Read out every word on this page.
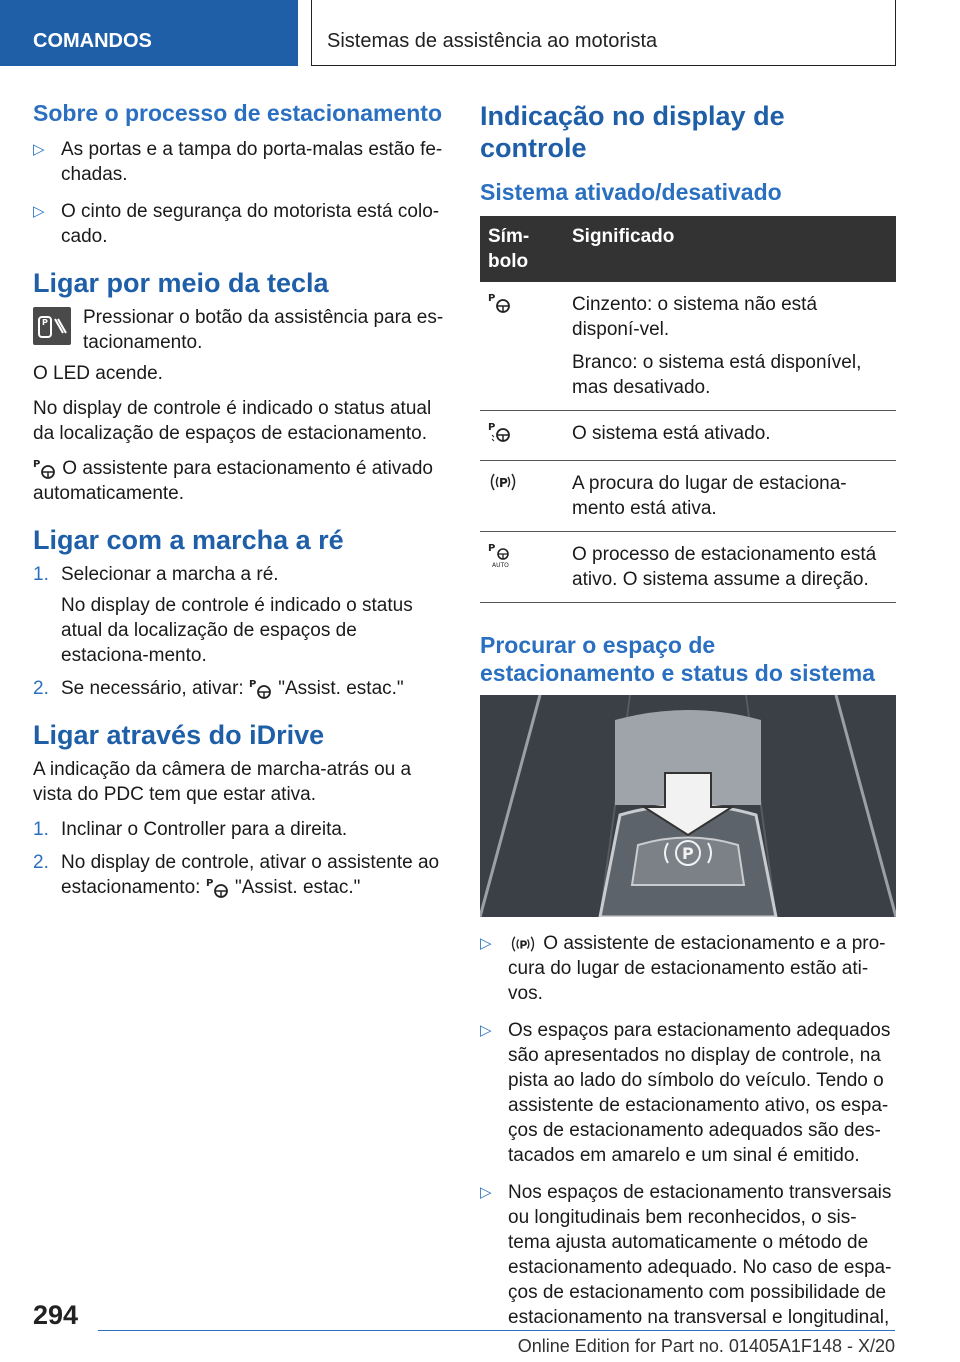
COMANDOS	Sistemas de assistência ao motorista
Sobre o processo de estacionamento
▷ As portas e a tampa do porta-malas estão fe-chadas.
▷ O cinto de segurança do motorista está colo-cado.
Ligar por meio da tecla
P	Pressionar o botão da assistência para es-tacionamento.

O LED acende.

No display de controle é indicado o status atual da localização de espaços de estacionamento.

P O assistente para estacionamento é ativado automaticamente.

Ligar com a marcha a ré
1. Selecionar a marcha a ré.
No display de controle é indicado o status atual da localização de espaços de estaciona-mento.
2. Se necessário, ativar: P "Assist. estac."
Ligar através do iDrive

A indicação da câmera de marcha-atrás ou a vista do PDC tem que estar ativa.

1. Inclinar o Controller para a direita.
2. No display de controle, ativar o assistente ao estacionamento: P "Assist. estac."
Indicação no display de controle
Sistema ativado/desativado
Sím-bolo	Significado

P	Cinzento: o sistema não está disponí-vel.

Branco: o sistema está disponível, mas desativado.

P	O sistema está ativado.

P	A procura do lugar de estaciona-mento está ativa.

P
AUTO	O processo de estacionamento está ativo. O sistema assume a direção.

Procurar o espaço de estacionamento e status do sistema
P
▷ P O assistente de estacionamento e a pro-cura do lugar de estacionamento estão ati-vos.
▷ Os espaços para estacionamento adequados são apresentados no display de controle, na pista ao lado do símbolo do veículo. Tendo o assistente de estacionamento ativo, os espa-ços de estacionamento adequados são des-tacados em amarelo e um sinal é emitido.
▷ Nos espaços de estacionamento transversais ou longitudinais bem reconhecidos, o sis-tema ajusta automaticamente o método de estacionamento adequado. No caso de espa-ços de estacionamento com possibilidade de estacionamento na transversal e longitudinal,
294
Online Edition for Part no. 01405A1F148 - X/20
